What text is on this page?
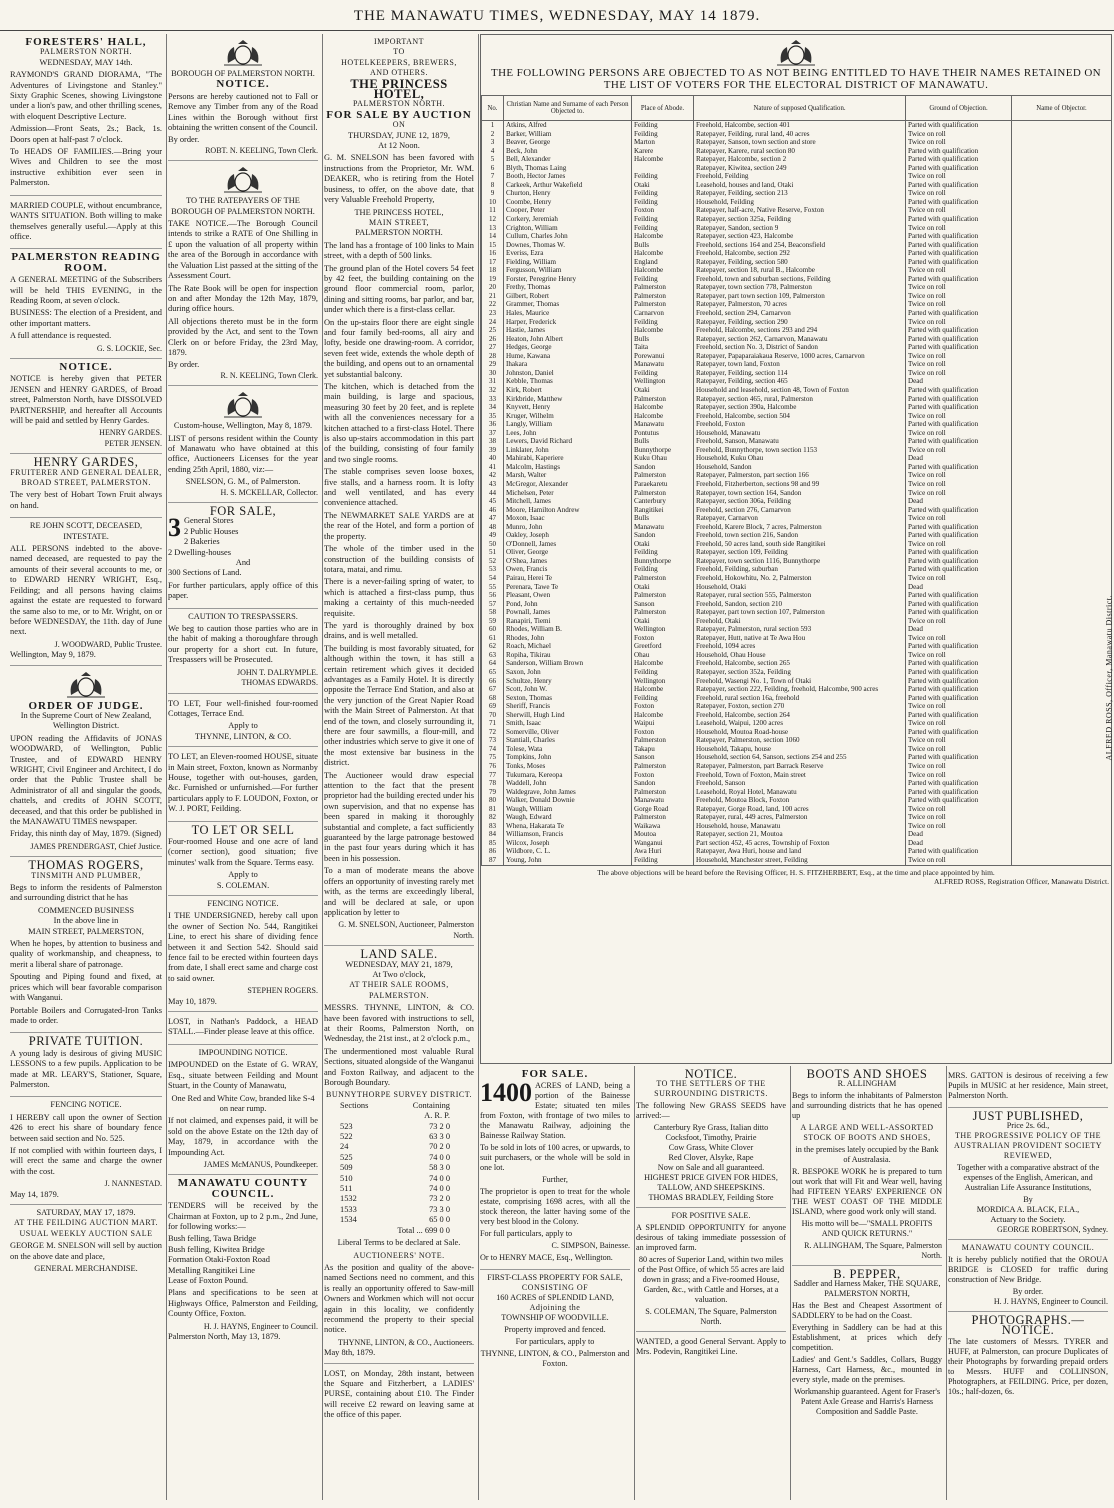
THE MANAWATU TIMES, WEDNESDAY, MAY 14 1879.
FORESTERS' HALL,
PALMERSTON NORTH.
WEDNESDAY, MAY 14th.

RAYMOND'S GRAND DIORAMA, "The Adventures of Livingstone and Stanley." Sixty Graphic Scenes, showing Livingstone under a lion's paw, and other thrilling scenes, with eloquent Descriptive Lecture.

Admission—Front Seats, 2s.; Back, 1s. Doors open at half-past 7 o'clock.

To HEADS OF FAMILIES.—Bring your Wives and Children to see the most instructive exhibition ever seen in Palmerston.

MARRIED COUPLE, without encumbrance, WANTS SITUATION. Both willing to make themselves generally useful.—Apply at this office.

PALMERSTON READING ROOM.

A GENERAL MEETING of the Subscribers will be held THIS EVENING, in the Reading Room, at seven o'clock.

BUSINESS: The election of a President, and other important matters.

A full attendance is requested.

G. S. LOCKIE, Sec.
NOTICE.

NOTICE is hereby given that PETER JENSEN and HENRY GARDES, of Broad street, Palmerston North, have DISSOLVED PARTNERSHIP, and hereafter all Accounts will be paid and settled by Henry Gardes.

HENRY GARDES.
PETER JENSEN.
HENRY GARDES,
FRUITERER AND GENERAL DEALER,
BROAD STREET, PALMERSTON.

The very best of Hobart Town Fruit always on hand.

RE JOHN SCOTT, DECEASED, INTESTATE.

ALL PERSONS indebted to the above-named deceased, are requested to pay the amounts of their several accounts to me, or to EDWARD HENRY WRIGHT, Esq., Feilding; and all persons having claims against the estate are requested to forward the same also to me, or to Mr. Wright, on or before WEDNESDAY, the 11th. day of June next.

J. WOODWARD, Public Trustee.
Wellington, May 9, 1879.
ORDER OF JUDGE.
In the Supreme Court of New Zealand, Wellington District.

UPON reading the Affidavits of JONAS WOODWARD, of Wellington, Public Trustee, and of EDWARD HENRY WRIGHT, Civil Engineer and Architect, I do order that the Public Trustee shall be Administrator of all and singular the goods, chattels, and credits of JOHN SCOTT, deceased, and that this order be published in the MANAWATU TIMES newspaper.

Friday, this ninth day of May, 1879. (Signed)

JAMES PRENDERGAST, Chief Justice.
THOMAS ROGERS,
TINSMITH AND PLUMBER,

Begs to inform the residents of Palmerston and surrounding district that he has

COMMENCED BUSINESS
In the above line in
MAIN STREET, PALMERSTON,

When he hopes, by attention to business and quality of workmanship, and cheapness, to merit a liberal share of patronage.

Spouting and Piping found and fixed, at prices which will bear favorable comparison with Wanganui.

Portable Boilers and Corrugated-Iron Tanks made to order.

PRIVATE TUITION.

A young lady is desirous of giving MUSIC LESSONS to a few pupils. Application to be made at MR. LEARY'S, Stationer, Square, Palmerston.

FENCING NOTICE.

I HEREBY call upon the owner of Section 426 to erect his share of boundary fence between said section and No. 525.

If not complied with within fourteen days, I will erect the same and charge the owner with the cost.

J. NANNESTAD.
May 14, 1879.
SATURDAY, MAY 17, 1879.
AT THE FEILDING AUCTION MART.
USUAL WEEKLY AUCTION SALE

GEORGE M. SNELSON will sell by auction on the above date and place,

GENERAL MERCHANDISE.
BOROUGH OF PALMERSTON NORTH.
NOTICE.

Persons are hereby cautioned not to Fall or Remove any Timber from any of the Road Lines within the Borough without first obtaining the written consent of the Council.

By order.
ROBT. N. KEELING, Town Clerk.
TO THE RATEPAYERS OF THE BOROUGH OF PALMERSTON NORTH.

TAKE NOTICE.—The Borough Council intends to strike a RATE of One Shilling in £ upon the valuation of all property within the area of the Borough in accordance with the Valuation List passed at the sitting of the Assessment Court.

The Rate Book will be open for inspection on and after Monday the 12th May, 1879, during office hours.

All objections thereto must be in the form provided by the Act, and sent to the Town Clerk on or before Friday, the 23rd May, 1879.

By order.
R. N. KEELING, Town Clerk.
Custom-house, Wellington, May 8, 1879.

LIST of persons resident within the County of Manawatu who have obtained at this office, Auctioneers Licenses for the year ending 25th April, 1880, viz:—

SNELSON, G. M., of Palmerston.
H. S. MCKELLAR, Collector.
FOR SALE,
3 General Stores
2 Public Houses
2 Bakeries
2 Dwelling-houses
And
300 Sections of Land.

For further particulars, apply office of this paper.

CAUTION TO TRESPASSERS.

We beg to caution those parties who are in the habit of making a thoroughfare through our property for a short cut. In future, Trespassers will be Prosecuted.

JOHN T. DALRYMPLE.
THOMAS EDWARDS.

TO LET, Four well-finished four-roomed Cottages, Terrace End.

Apply to
THYNNE, LINTON, & CO.

TO LET, an Eleven-roomed HOUSE, situate in Main street, Foxton, known as Normanby House, together with out-houses, garden, &c. Furnished or unfurnished.—For further particulars apply to F. LOUDON, Foxton, or W. J. PORT, Feilding.

TO LET OR SELL

Four-roomed House and one acre of land (corner section), good situation; five minutes' walk from the Square. Terms easy.

Apply to
S. COLEMAN.
FENCING NOTICE.

I THE UNDERSIGNED, hereby call upon the owner of Section No. 544, Rangitikei Line, to erect his share of dividing fence between it and Section 542. Should said fence fail to be erected within fourteen days from date, I shall erect same and charge cost to said owner.

STEPHEN ROGERS.
May 10, 1879.

LOST, in Nathan's Paddock, a HEAD STALL.—Finder please leave at this office.

IMPOUNDING NOTICE.

IMPOUNDED on the Estate of G. WRAY, Esq., situate between Feilding and Mount Stuart, in the County of Manawatu,

One Red and White Cow, branded like S-4 on near rump.

If not claimed, and expenses paid, it will be sold on the above Estate on the 12th day of May, 1879, in accordance with the Impounding Act.

JAMES McMANUS, Poundkeeper.
MANAWATU COUNTY COUNCIL.

TENDERS will be received by the Chairman at Foxton, up to 2 p.m., 2nd June, for following works:—

Bush felling, Tawa Bridge
Bush felling, Kiwitea Bridge
Formation Otaki-Foxton Road
Metalling Rangitikei Line
Lease of Foxton Pound.

Plans and specifications to be seen at Highways Office, Palmerston and Feilding, County Office, Foxton.

H. J. HAYNS, Engineer to Council.
Palmerston North, May 13, 1879.
IMPORTANT
TO
HOTELKEEPERS, BREWERS,
AND OTHERS.
THE PRINCESS HOTEL,
PALMERSTON NORTH.
FOR SALE BY AUCTION
ON
THURSDAY, JUNE 12, 1879,
At 12 Noon.

G. M. SNELSON has been favored with instructions from the Proprietor, Mr. WM. DEAKER, who is retiring from the Hotel business, to offer, on the above date, that very Valuable Freehold Property,

THE PRINCESS HOTEL,
MAIN STREET,
PALMERSTON NORTH.

The land has a frontage of 100 links to Main street, with a depth of 500 links.

The ground plan of the Hotel covers 54 feet by 42 feet, the building containing on the ground floor commercial room, parlor, dining and sitting rooms, bar parlor, and bar, under which there is a first-class cellar.

On the up-stairs floor there are eight single and four family bed-rooms, all airy and lofty, beside one drawing-room. A corridor, seven feet wide, extends the whole depth of the building, and opens out to an ornamental yet substantial balcony.

The kitchen, which is detached from the main building, is large and spacious, measuring 30 feet by 20 feet, and is replete with all the conveniences necessary for a kitchen attached to a first-class Hotel. There is also up-stairs accommodation in this part of the building, consisting of four family and two single rooms.

The stable comprises seven loose boxes, five stalls, and a harness room. It is lofty and well ventilated, and has every convenience attached.

The NEWMARKET SALE YARDS are at the rear of the Hotel, and form a portion of the property.

The whole of the timber used in the construction of the building consists of totara, matai, and rimu.

There is a never-failing spring of water, to which is attached a first-class pump, thus making a certainty of this much-needed requisite.

The yard is thoroughly drained by box drains, and is well metalled.

The building is most favorably situated, for although within the town, it has still a certain retirement which gives it decided advantages as a Family Hotel. It is directly opposite the Terrace End Station, and also at the very junction of the Great Napier Road with the Main Street of Palmerston. At that end of the town, and closely surrounding it, there are four sawmills, a flour-mill, and other industries which serve to give it one of the most extensive bar business in the district.

The Auctioneer would draw especial attention to the fact that the present proprietor had the building erected under his own supervision, and that no expense has been spared in making it thoroughly substantial and complete, a fact sufficiently guaranteed by the large patronage bestowed in the past four years during which it has been in his possession.

To a man of moderate means the above offers an opportunity of investing rarely met with, as the terms are exceedingly liberal, and will be declared at sale, or upon application by letter to

G. M. SNELSON, Auctioneer, Palmerston North.
LAND SALE.
WEDNESDAY, MAY 21, 1879,
At Two o'clock,
AT THEIR SALE ROOMS, PALMERSTON.

MESSRS. THYNNE, LINTON, & CO. have been favored with instructions to sell, at their Rooms, Palmerston North, on Wednesday, the 21st inst., at 2 o'clock p.m.,

The undermentioned most valuable Rural Sections, situated alongside of the Wanganui and Foxton Railway, and adjacent to the Borough Boundary.

BUNNYTHORPE SURVEY DISTRICT.
Sections	Containing
A. R. P.
523	73 2 0
522	63 3 0
24	70 2 0
525	74 0 0
509	58 3 0
510	74 0 0
511	74 0 0
1532	73 2 0
1533	73 3 0
1534	65 0 0
Total ... 699 0 0

Liberal Terms to be declared at Sale.

AUCTIONEERS' NOTE.

As the position and quality of the above-named Sections need no comment, and this is really an opportunity offered to Saw-mill Owners and Workmen which will not occur again in this locality, we confidently recommend the property to their special notice.

THYNNE, LINTON, & CO., Auctioneers.
May 8th, 1879.

LOST, on Monday, 28th instant, between the Square and Fitzherbert, a LADIES' PURSE, containing about £10. The Finder will receive £2 reward on leaving same at the office of this paper.

THE FOLLOWING PERSONS ARE OBJECTED TO AS NOT BEING ENTITLED TO HAVE THEIR NAMES RETAINED ON THE LIST OF VOTERS FOR THE ELECTORAL DISTRICT OF MANAWATU.
No.	Christian Name and Surname of each Person Objected to.	Place of Abode.	Nature of supposed Qualification.	Ground of Objection.	Name of Objector.
1	Atkins, Alfred	Feilding	Freehold, Halcombe, section 401	Parted with qualification	
2	Barker, William	Feilding	Ratepayer, Feilding, rural land, 40 acres	Twice on roll	
3	Beaver, George	Marton	Ratepayer, Sanson, town section and store	Twice on roll	
4	Beck, John	Karere	Ratepayer, Karere, rural section 80	Parted with qualification	
5	Bell, Alexander	Halcombe	Ratepayer, Halcombe, section 2	Parted with qualification	
6	Blyth, Thomas Laing		Ratepayer, Kiwitea, section 249	Parted with qualification	
7	Booth, Hector James	Feilding	Freehold, Feilding	Twice on roll	
8	Carkeek, Arthur Wakefield	Otaki	Leasehold, houses and land, Otaki	Parted with qualification	
9	Churton, Henry	Feilding	Ratepayer, Feilding, section 213	Twice on roll	
10	Coombe, Henry	Feilding	Household, Feilding	Parted with qualification	
11	Cooper, Peter	Foxton	Ratepayer, half-acre, Native Reserve, Foxton	Twice on roll	
12	Corkery, Jeremiah	Feilding	Ratepayer, section 325a, Feilding	Parted with qualification	
13	Crighton, William	Feilding	Ratepayer, Sandon, section 9	Twice on roll	
14	Cullum, Charles John	Halcombe	Ratepayer, section 423, Halcombe	Parted with qualification	
15	Downes, Thomas W.	Bulls	Freehold, sections 164 and 254, Beaconsfield	Parted with qualification	
16	Everiss, Ezra	Halcombe	Freehold, Halcombe, section 292	Parted with qualification	
17	Fielding, William	England	Ratepayer, Feilding, section 580	Parted with qualification	
18	Fergusson, William	Halcombe	Ratepayer, section 18, rural B., Halcombe	Twice on roll	
19	Forster, Peregrine Henry	Feilding	Freehold, town and suburban sections, Feilding	Parted with qualification	
20	Frethy, Thomas	Palmerston	Ratepayer, town section 778, Palmerston	Twice on roll	
21	Gilbert, Robert	Palmerston	Ratepayer, part town section 109, Palmerston	Twice on roll	
22	Grammer, Thomas	Palmerston	Ratepayer, Palmerston, 70 acres	Twice on roll	
23	Hales, Maurice	Carnarvon	Freehold, section 294, Carnarvon	Parted with qualification	
24	Harper, Frederick	Feilding	Ratepayer, Feilding, section 290	Twice on roll	
25	Hastie, James	Halcombe	Freehold, Halcombe, sections 293 and 294	Parted with qualification	
26	Heaton, John Albert	Bulls	Ratepayer, section 262, Carnarvon, Manawatu	Parted with qualification	
27	Hedges, George	Taita	Freehold, section No. 3, District of Sandon	Parted with qualification	
28	Hume, Kawana	Porewanui	Ratepayer, Papaparaiakaua Reserve, 1000 acres, Carnarvon	Twice on roll	
29	Ihakara	Manawatu	Ratepayer, town land, Foxton	Twice on roll	
30	Johnston, Daniel	Feilding	Ratepayer, Feilding, section 114	Twice on roll	
31	Kebble, Thomas	Wellington	Ratepayer, Feilding, section 465	Dead	
32	Kirk, Robert	Otaki	Household and leasehold, section 48, Town of Foxton	Parted with qualification	
33	Kirkbride, Matthew	Palmerston	Ratepayer, section 465, rural, Palmerston	Parted with qualification	
34	Knyvett, Henry	Halcombe	Ratepayer, section 390a, Halcombe	Parted with qualification	
35	Kruger, Wilhelm	Halcombe	Freehold, Halcombe, section 504	Twice on roll	
36	Langly, William	Manawatu	Freehold, Foxton	Parted with qualification	
37	Lees, John	Pontutus	Household, Manawatu	Twice on roll	
38	Lewers, David Richard	Bulls	Freehold, Sanson, Manawatu	Parted with qualification	
39	Linklater, John	Bunnythorpe	Freehold, Bunnythorpe, town section 1153	Twice on roll	
40	Mahirabi, Kaperiere	Kuku Ohau	Household, Kuku Ohau	Dead	
41	Malcolm, Hastings	Sandon	Household, Sandon	Parted with qualification	
42	Marsh, Walter	Palmerston	Ratepayer, Palmerston, part section 166	Twice on roll	
43	McGregor, Alexander	Paraekaretu	Freehold, Fitzherberton, sections 98 and 99	Twice on roll	
44	Michelsen, Peter	Palmerston	Ratepayer, town section 164, Sandon	Twice on roll	
45	Mitchell, James	Canterbury	Ratepayer, section 306a, Feilding	Dead	
46	Moore, Hamilton Andrew	Rangitikei	Freehold, section 276, Carnarvon	Parted with qualification	
47	Moxon, Isaac	Bulls	Ratepayer, Carnarvon	Twice on roll	
48	Munro, John	Manawatu	Freehold, Karere Block, 7 acres, Palmerston	Parted with qualification	
49	Oakley, Joseph	Sandon	Freehold, town section 216, Sandon	Parted with qualification	
50	O'Donnell, James	Otaki	Freehold, 50 acres land, south side Rangitikei	Twice on roll	
51	Oliver, George	Feilding	Ratepayer, section 109, Feilding	Parted with qualification	
52	O'Shea, James	Bunnythorpe	Ratepayer, town section 1116, Bunnythorpe	Parted with qualification	
53	Owen, Francis	Feilding	Freehold, Feilding, suburban	Parted with qualification	
54	Pairau, Herei Te	Palmerston	Freehold, Hokowhitu, No. 2, Palmerston	Twice on roll	
55	Perenara, Tawe Te	Otaki	Household, Otaki	Dead	
56	Pleasant, Owen	Palmerston	Ratepayer, rural section 555, Palmerston	Parted with qualification	
57	Pond, John	Sanson	Freehold, Sandon, section 210	Parted with qualification	
58	Pownall, James	Palmerston	Ratepayer, part town section 107, Palmerston	Parted with qualification	
59	Ranapiri, Tiemi	Otaki	Freehold, Otaki	Twice on roll	
60	Rhodes, William B.	Wellington	Ratepayer, Palmerston, rural section 593	Dead	
61	Rhodes, John	Foxton	Ratepayer, Hutt, native at Te Awa Hou	Twice on roll	
62	Roach, Michael	Greetford	Freehold, 1094 acres	Parted with qualification	
63	Ropiha, Tikirau	Ohau	Household, Ohau House	Twice on roll	
64	Sanderson, William Brown	Halcombe	Freehold, Halcombe, section 265	Parted with qualification	
65	Saxon, John	Feilding	Ratepayer, section 352a, Feilding	Parted with qualification	
66	Schultze, Henry	Wellington	Freehold, Wasengi No. 1, Town of Otaki	Parted with qualification	
67	Scott, John W.	Halcombe	Ratepayer, section 222, Feilding, freehold, Halcombe, 900 acres	Parted with qualification	
68	Sexton, Thomas	Feilding	Freehold, rural section 16a, freehold	Parted with qualification	
69	Sheriff, Francis	Foxton	Ratepayer, Foxton, section 270	Twice on roll	
70	Sherwill, Hugh Lind	Halcombe	Freehold, Halcombe, section 264	Parted with qualification	
71	Smith, Isaac	Waipui	Leasehold, Waipui, 1200 acres	Twice on roll	
72	Somerville, Oliver	Foxton	Household, Moutoa Road-house	Parted with qualification	
73	Stantiall, Charles	Palmerston	Ratepayer, Palmerston, section 1060	Twice on roll	
74	Tolese, Wata	Takapu	Household, Takapu, house	Twice on roll	
75	Tompkins, John	Sanson	Household, section 64, Sanson, sections 254 and 255	Parted with qualification	
76	Tonks, Moses	Palmerston	Ratepayer, Palmerston, part Barrack Reserve	Twice on roll	
77	Tukumara, Kereopa	Foxton	Freehold, Town of Foxton, Main street	Twice on roll	
78	Waddell, John	Sandon	Freehold, Sanson	Parted with qualification	
79	Waldegrave, John James	Palmerston	Leasehold, Royal Hotel, Manawatu	Parted with qualification	
80	Walker, Donald Downie	Manawatu	Freehold, Moutoa Block, Foxton	Parted with qualification	
81	Waugh, William	Gorge Road	Ratepayer, Gorge Road, land, 100 acres	Twice on roll	
82	Waugh, Edward	Palmerston	Ratepayer, rural, 449 acres, Palmerston	Twice on roll	
83	Whena, Hakarata Te	Waikawa	Household, house, Manawatu	Twice on roll	
84	Williamson, Francis	Moutoa	Ratepayer, section 21, Moutoa	Dead	
85	Wilcox, Joseph	Wanganui	Part section 452, 45 acres, Township of Foxton	Dead	
86	Wildbore, C. L.	Awa Huri	Ratepayer, Awa Huri, house and land	Parted with qualification	
87	Young, John	Feilding	Household, Manchester street, Feilding	Twice on roll	
ALFRED ROSS, Officer, Manawatu District.
The above objections will be heard before the Revising Officer, H. S. FITZHERBERT, Esq., at the time and place appointed by him.
ALFRED ROSS, Registration Officer, Manawatu District.
FOR SALE.

1400 ACRES of LAND, being a portion of the Bainesse Estate; situated ten miles from Foxton, with frontage of two miles to the Manawatu Railway, adjoining the Bainesse Railway Station.

To be sold in lots of 100 acres, or upwards, to suit purchasers, or the whole will be sold in one lot.

Further,

The proprietor is open to treat for the whole estate, comprising 1698 acres, with all the stock thereon, the latter having some of the very best blood in the Colony.

For full particulars, apply to

C. SIMPSON, Bainesse.

Or to HENRY MACE, Esq., Wellington.

FIRST-CLASS PROPERTY FOR SALE,
CONSISTING OF
160 ACRES of SPLENDID LAND,
Adjoining the
TOWNSHIP OF WOODVILLE.

Property improved and fenced.

For particulars, apply to

THYNNE, LINTON, & CO., Palmerston and Foxton.
NOTICE.
TO THE SETTLERS OF THE SURROUNDING DISTRICTS.

The following New GRASS SEEDS have arrived:—

Canterbury Rye Grass, Italian ditto
Cocksfoot, Timothy, Prairie
Cow Grass, White Clover
Red Clover, Alsyke, Rape
Now on Sale and all guaranteed.
HIGHEST PRICE GIVEN FOR HIDES, TALLOW, AND SHEEPSKINS.
THOMAS BRADLEY, Feilding Store
FOR POSITIVE SALE.

A SPLENDID OPPORTUNITY for anyone desirous of taking immediate possession of an improved farm.

80 acres of Superior Land, within two miles of the Post Office, of which 55 acres are laid down in grass; and a Five-roomed House, Garden, &c., with Cattle and Horses, at a valuation.

S. COLEMAN, The Square, Palmerston North.

WANTED, a good General Servant. Apply to Mrs. Podevin, Rangitikei Line.

BOOTS AND SHOES
R. ALLINGHAM

Begs to inform the inhabitants of Palmerston and surrounding districts that he has opened up

A LARGE AND WELL-ASSORTED STOCK OF BOOTS AND SHOES,

in the premises lately occupied by the Bank of Australasia.

R. BESPOKE WORK he is prepared to turn out work that will Fit and Wear well, having had FIFTEEN YEARS' EXPERIENCE ON THE WEST COAST OF THE MIDDLE ISLAND, where good work only will stand.

His motto will be—"SMALL PROFITS AND QUICK RETURNS."

R. ALLINGHAM, The Square, Palmerston North.
B. PEPPER,
Saddler and Harness Maker, THE SQUARE, PALMERSTON NORTH,

Has the Best and Cheapest Assortment of SADDLERY to be had on the Coast.

Everything in Saddlery can be had at this Establishment, at prices which defy competition.

Ladies' and Gent.'s Saddles, Collars, Buggy Harness, Cart Harness, &c., mounted in every style, made on the premises.

Workmanship guaranteed. Agent for Fraser's Patent Axle Grease and Harris's Harness Composition and Saddle Paste.

MRS. GATTON is desirous of receiving a few Pupils in MUSIC at her residence, Main street, Palmerston North.

JUST PUBLISHED,
Price 2s. 6d.,
THE PROGRESSIVE POLICY OF THE AUSTRALIAN PROVIDENT SOCIETY REVIEWED,

Together with a comparative abstract of the expenses of the English, American, and Australian Life Assurance Institutions,

By
MORDICA A. BLACK, F.I.A.,
Actuary to the Society.
GEORGE ROBERTSON, Sydney.
MANAWATU COUNTY COUNCIL.

It is hereby publicly notified that the OROUA BRIDGE is CLOSED for traffic during construction of New Bridge.

By order.
H. J. HAYNS, Engineer to Council.
PHOTOGRAPHS.—NOTICE.

The late customers of Messrs. TYRER and HUFF, at Palmerston, can procure Duplicates of their Photographs by forwarding prepaid orders to Messrs. HUFF and COLLINSON, Photographers, at FEILDING. Price, per dozen, 10s.; half-dozen, 6s.
